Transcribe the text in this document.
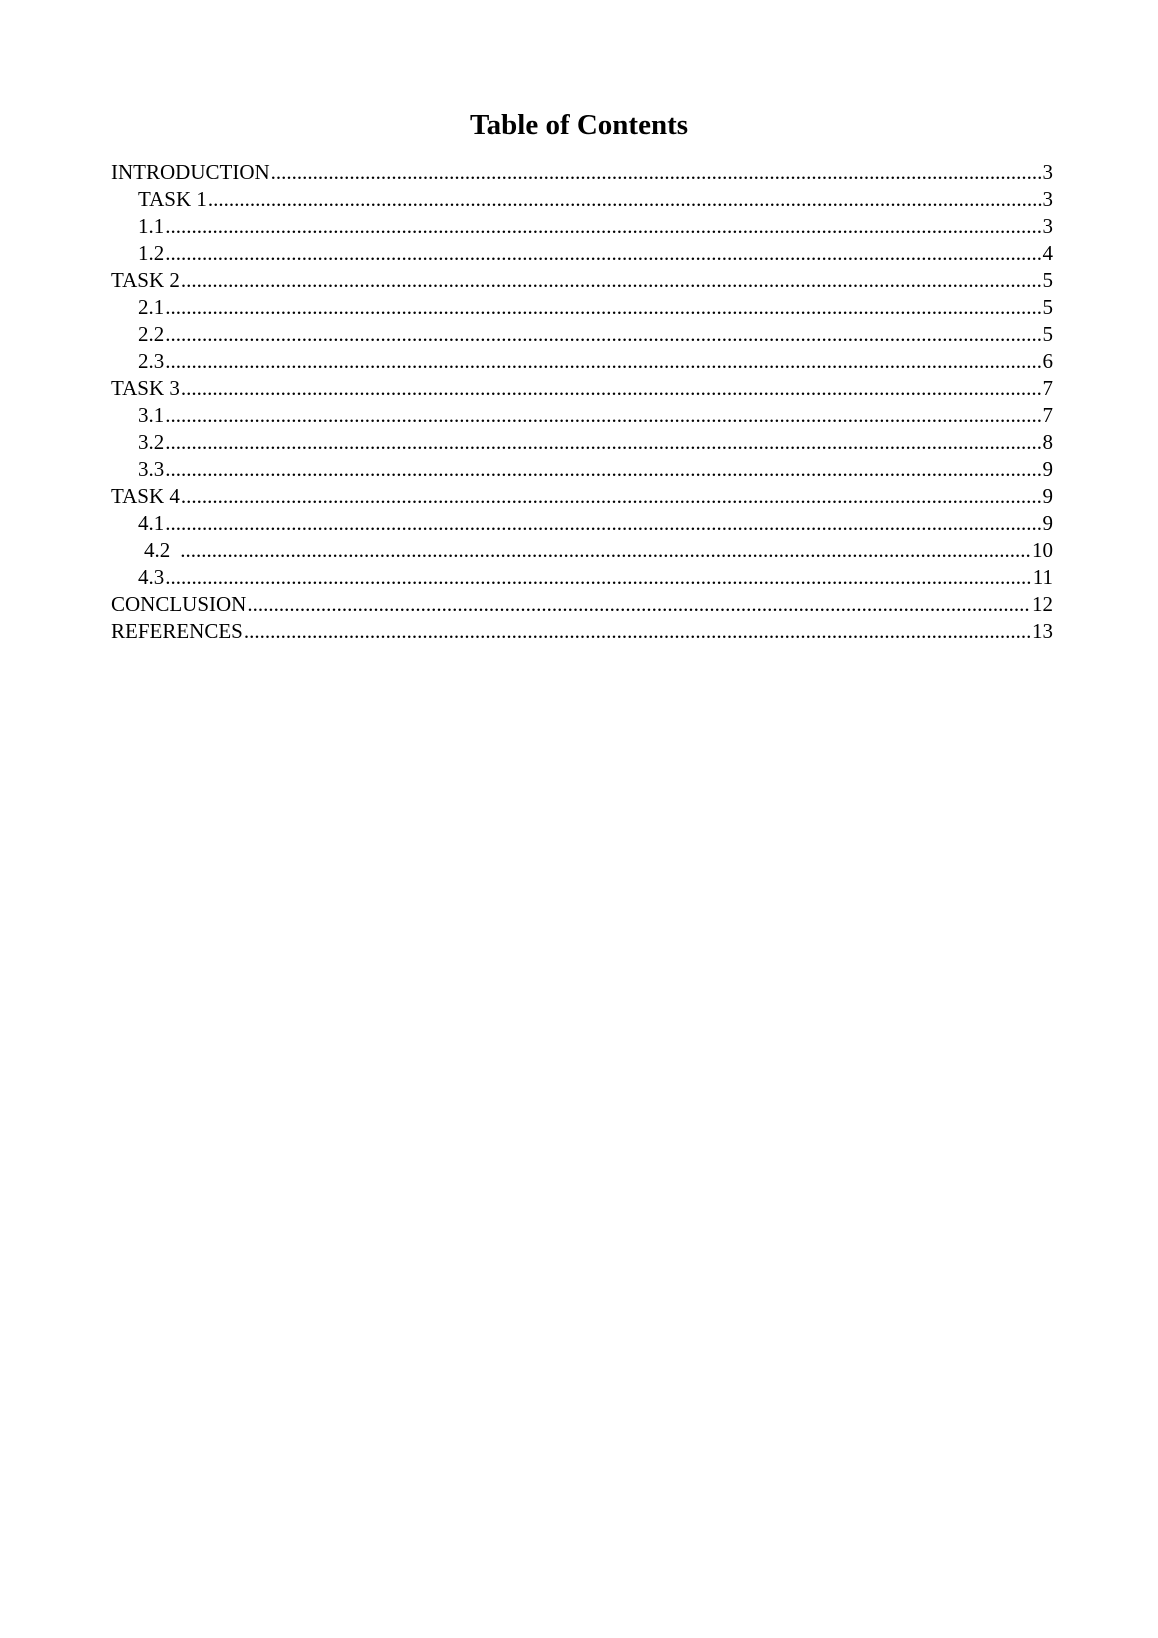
Table of Contents
INTRODUCTION .....	3
TASK 1 .....	3
1.1 .....	3
1.2 .....	4
TASK 2 .....	5
2.1 .....	5
2.2 .....	5
2.3 .....	6
TASK 3 .....	7
3.1 .....	7
3.2 .....	8
3.3 .....	9
TASK 4 .....	9
4.1 .....	9
4.2 .....	10
4.3 .....	11
CONCLUSION .....	12
REFERENCES .....	13
